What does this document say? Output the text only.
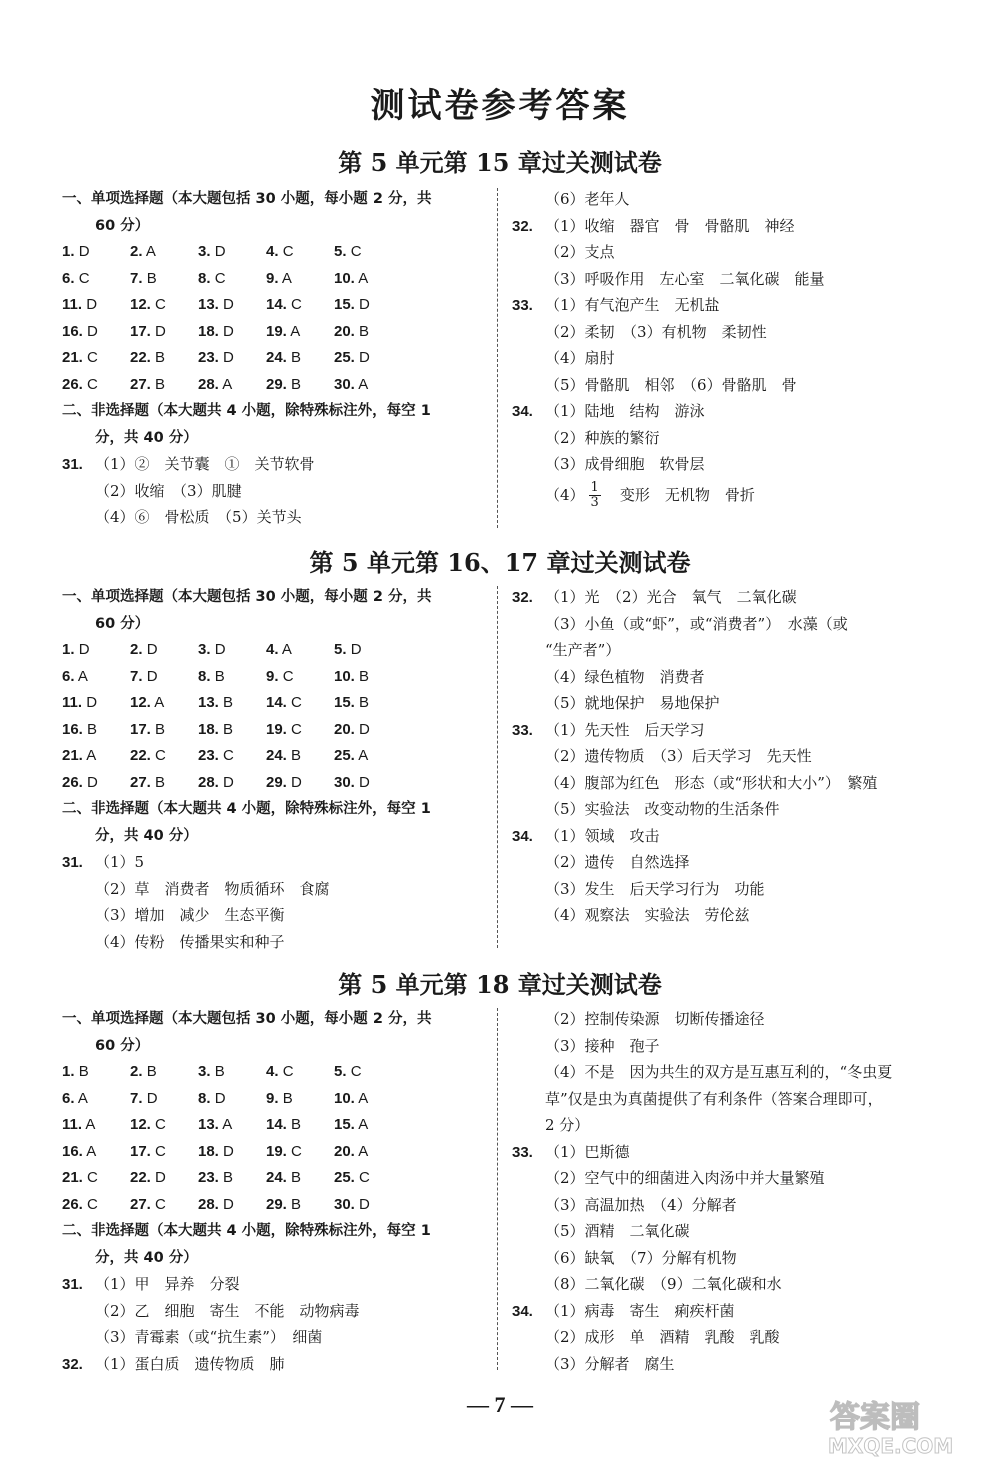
测试卷参考答案
第 5 单元第 15 章过关测试卷
一、单项选择题（本大题包括 30 小题，每小题 2 分，共
60 分）
1. D	2. A	3. D	4. C	5. C
6. C	7. B	8. C	9. A	10. A
11. D	12. C	13. D	14. C	15. D
16. D	17. D	18. D	19. A	20. B
21. C	22. B	23. D	24. B	25. D
26. C	27. B	28. A	29. B	30. A
二、非选择题（本大题共 4 小题，除特殊标注外，每空 1
分，共 40 分）
31. （1）②　关节囊　①　关节软骨
（2）收缩　（3）肌腱
（4）⑥　骨松质　（5）关节头
（6）老年人
32. （1）收缩　器官　骨　骨骼肌　神经
（2）支点
（3）呼吸作用　左心室　二氧化碳　能量
33. （1）有气泡产生　无机盐
（2）柔韧　（3）有机物　柔韧性
（4）扇肘
（5）骨骼肌　相邻　（6）骨骼肌　骨
34. （1）陆地　结构　游泳
（2）种族的繁衍
（3）成骨细胞　软骨层
$(4) \frac{1}{3}$ 　变形　无机物　骨折
第 5 单元第 16、17 章过关测试卷
一、单项选择题（本大题包括 30 小题，每小题 2 分，共
60 分）
1. D	2. D	3. D	4. A	5. D
6. A	7. D	8. B	9. C	10. B
11. D	12. A	13. B	14. C	15. B
16. B	17. B	18. B	19. C	20. D
21. A	22. C	23. C	24. B	25. A
26. D	27. B	28. D	29. D	30. D
二、非选择题（本大题共 4 小题，除特殊标注外，每空 1
分，共 40 分）
31. （1）5
（2）草　消费者　物质循环　食腐
（3）增加　减少　生态平衡
（4）传粉　传播果实和种子
32. （1）光　（2）光合　氧气　二氧化碳
（3）小鱼（或“虾”，或“消费者”）　水藻（或
“生产者”）
（4）绿色植物　消费者
（5）就地保护　易地保护
33. （1）先天性　后天学习
（2）遗传物质　（3）后天学习　先天性
（4）腹部为红色　形态（或“形状和大小”）　繁殖
（5）实验法　改变动物的生活条件
34. （1）领域　攻击
（2）遗传　自然选择
（3）发生　后天学习行为　功能
（4）观察法　实验法　劳伦兹
第 5 单元第 18 章过关测试卷
一、单项选择题（本大题包括 30 小题，每小题 2 分，共
60 分）
1. B	2. B	3. B	4. C	5. C
6. A	7. D	8. D	9. B	10. A
11. A	12. C	13. A	14. B	15. A
16. A	17. C	18. D	19. C	20. A
21. C	22. D	23. B	24. B	25. C
26. C	27. C	28. D	29. B	30. D
二、非选择题（本大题共 4 小题，除特殊标注外，每空 1
分，共 40 分）
31. （1）甲　异养　分裂
（2）乙　细胞　寄生　不能　动物病毒
（3）青霉素（或“抗生素”）　细菌
32. （1）蛋白质　遗传物质　肺
（2）控制传染源　切断传播途径
（3）接种　孢子
（4）不是　因为共生的双方是互惠互利的，“冬虫夏
草”仅是虫为真菌提供了有利条件（答案合理即可，
2 分）
33. （1）巴斯德
（2）空气中的细菌进入肉汤中并大量繁殖
（3）高温加热　（4）分解者
（5）酒精　二氧化碳
（6）缺氧　（7）分解有机物
（8）二氧化碳　（9）二氧化碳和水
34. （1）病毒　寄生　痢疾杆菌
（2）成形　单　酒精　乳酸　乳酸
（3）分解者　腐生
— 7 —	答案圈
MXQE.COM
